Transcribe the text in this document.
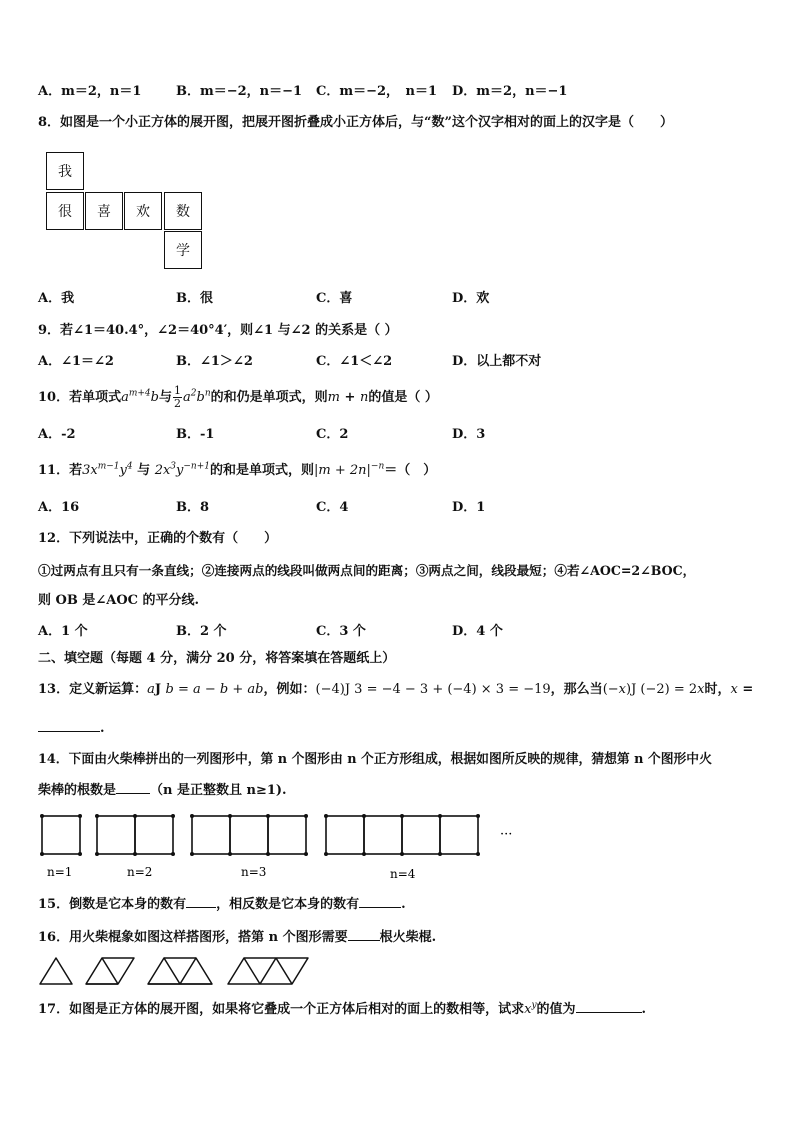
A．m＝2，n＝1	B．m＝−2，n＝−1 C．m＝−2，　n＝1 D．m＝2，n＝−1
8．如图是一个小正方体的展开图，把展开图折叠成小正方体后，与“数”这个汉字相对的面上的汉字是（　　）
我
很	喜	欢	数
学
A．我	B．很	C．喜	D．欢
9．若∠1＝40.4°，∠2＝40°4′，则∠1 与∠2 的关系是（ ）
A．∠1＝∠2	B．∠1＞∠2	C．∠1＜∠2	D．以上都不对
10．若单项式$a^{m+4}b$与 $\frac{1}{2} a^2b^n$的和仍是单项式，则m + n的值是（ ）
A．-2	B．-1	C．2	D．3
11．若$3x^{m-1}y^4$ 与 $2x^3y^{-n+1}$的和是单项式，则$|m + 2n|^{-n}=$（　）
A．16	B．8	C．4	D．1
12．下列说法中，正确的个数有（　　）
①过两点有且只有一条直线；②连接两点的线段叫做两点间的距离；③两点之间，线段最短；④若∠AOC=2∠BOC，
则 OB 是∠AOC 的平分线.
A．1 个	B．2 个	C．3 个	D．4 个
二、填空题（每题 4 分，满分 20 分，将答案填在答题纸上）
13．定义新运算：aJ b = a − b + ab，例如：(−4)J 3 = −4 − 3 + (−4) × 3 = −19，那么当(−x)J (−2) = 2x时，x =
.
14．下面由火柴棒拼出的一列图形中，第 n 个图形由 n 个正方形组成，根据如图所反映的规律，猜想第 n 个图形中火
柴棒的根数是	（n 是正整数且 n≥1).
···
n=1	n=2	n=3	n=4
15．倒数是它本身的数有 ，相反数是它本身的数有	.
16．用火柴棍象如图这样搭图形，搭第 n 个图形需要 根火柴棍.
17．如图是正方体的展开图，如果将它叠成一个正方体后相对的面上的数相等，试求$x^y$的值为	.
